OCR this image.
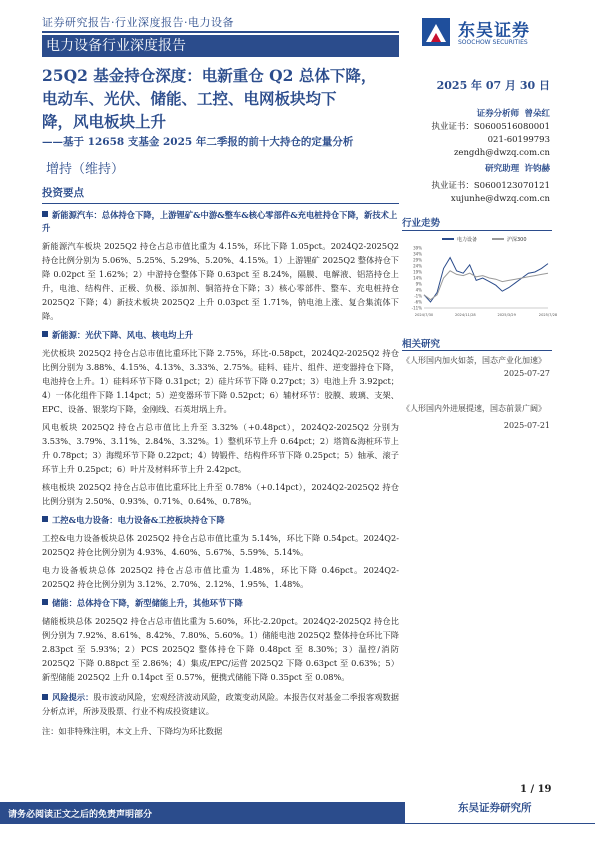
证券研究报告·行业深度报告·电力设备
电力设备行业深度报告
东吴证券
SOOCHOW SECURITIES
25Q2 基金持仓深度：电新重仓 Q2 总体下降，
电动车、光伏、储能、工控、电网板块均下
降，风电板块上升
——基于 12658 支基金 2025 年二季报的前十大持仓的定量分析
增持（维持）
2025 年 07 月 30 日
证券分析师 曾朵红
执业证书：S0600516080001
021-60199793
zengdh@dwzq.com.cn
研究助理 许钧赫
执业证书：S0600123070121
xujunhe@dwzq.com.cn
行业走势
39%
34%
29%
24%
19%
14%
9%
4%
-1%
-6%
-11%
2024/7/30	2024/11/28	2025/3/29	2025/7/28
电力设备	沪深300
相关研究
《人形国内加火如荼，国态产业化加速》
2025-07-27
《人形国内外进展提速，国态前景广阔》
2025-07-21
投资要点
新能源汽车：总体持仓下降，上游锂矿&中游&整车&核心零部件&充电桩持仓下降，新技术上升
新能源汽车板块 2025Q2 持仓占总市值比重为 4.15%，环比下降 1.05pct。2024Q2-2025Q2 持仓比例分别为 5.06%、5.25%、5.29%、5.20%、4.15%。1）上游锂矿 2025Q2 整体持仓下降 0.02pct 至 1.62%；2）中游持仓整体下降 0.63pct 至 8.24%，隔膜、电解液、铝箔持仓上升，电池、结构件、正极、负极、添加剂、铜箔持仓下降；3）核心零部件、整车、充电桩持仓 2025Q2 下降；4）新技术板块 2025Q2 上升 0.03pct 至 1.71%，钠电池上涨、复合集流体下降。
新能源：光伏下降、风电、核电均上升
光伏板块 2025Q2 持仓占总市值比重环比下降 2.75%，环比-0.58pct，2024Q2-2025Q2 持仓比例分别为 3.88%、4.15%、4.13%、3.33%、2.75%。硅料、硅片、组件、逆变器持仓下降，电池持仓上升。1）硅料环节下降 0.31pct；2）硅片环节下降 0.27pct；3）电池上升 3.92pct；4）一体化组件下降 1.14pct；5）逆变器环节下降 0.52pct；6）辅材环节：胶膜、玻璃、支架、EPC、设备、银浆均下降，金刚线、石英坩埚上升。
风电板块 2025Q2 持仓占总市值比上升至 3.32%（+0.48pct），2024Q2-2025Q2 分别为 3.53%、3.79%、3.11%、2.84%、3.32%。1）整机环节上升 0.64pct；2）塔筒&海桩环节上升 0.78pct；3）海缆环节下降 0.22pct；4）铸锻件、结构件环节下降 0.25pct；5）轴承、滚子环节上升 0.25pct；6）叶片及材料环节上升 2.42pct。
核电板块 2025Q2 持仓占总市值比重环比上升至 0.78%（+0.14pct），2024Q2-2025Q2 持仓比例分别为 2.50%、0.93%、0.71%、0.64%、0.78%。
工控&电力设备：电力设备&工控板块持仓下降
工控&电力设备板块总体 2025Q2 持仓占总市值比重为 5.14%，环比下降 0.54pct。2024Q2-2025Q2 持仓比例分别为 4.93%、4.60%、5.67%、5.59%、5.14%。
电力设备板块总体 2025Q2 持仓占总市值比重为 1.48%，环比下降 0.46pct。2024Q2-2025Q2 持仓比例分别为 3.12%、2.70%、2.12%、1.95%、1.48%。
储能：总体持仓下降，新型储能上升，其他环节下降
储能板块总体 2025Q2 持仓占总市值比重为 5.60%，环比-2.20pct。2024Q2-2025Q2 持仓比例分别为 7.92%、8.61%、8.42%、7.80%、5.60%。1）储能电池 2025Q2 整体持仓环比下降 2.83pct 至 5.93%；2）PCS 2025Q2 整体持仓下降 0.48pct 至 8.30%；3）温控/消防 2025Q2 下降 0.88pct 至 2.86%；4）集成/EPC/运营 2025Q2 下降 0.63pct 至 0.63%；5）新型储能 2025Q2 上升 0.14pct 至 0.57%，便携式储能下降 0.35pct 至 0.08%。
风险提示：股市波动风险，宏观经济波动风险，政策变动风险。本报告仅对基金二季报客观数据分析点评，所涉及股票、行业不构成投资建议。
注：如非特殊注明，本文上升、下降均为环比数据
1 / 19
请务必阅读正文之后的免责声明部分
东吴证券研究所
